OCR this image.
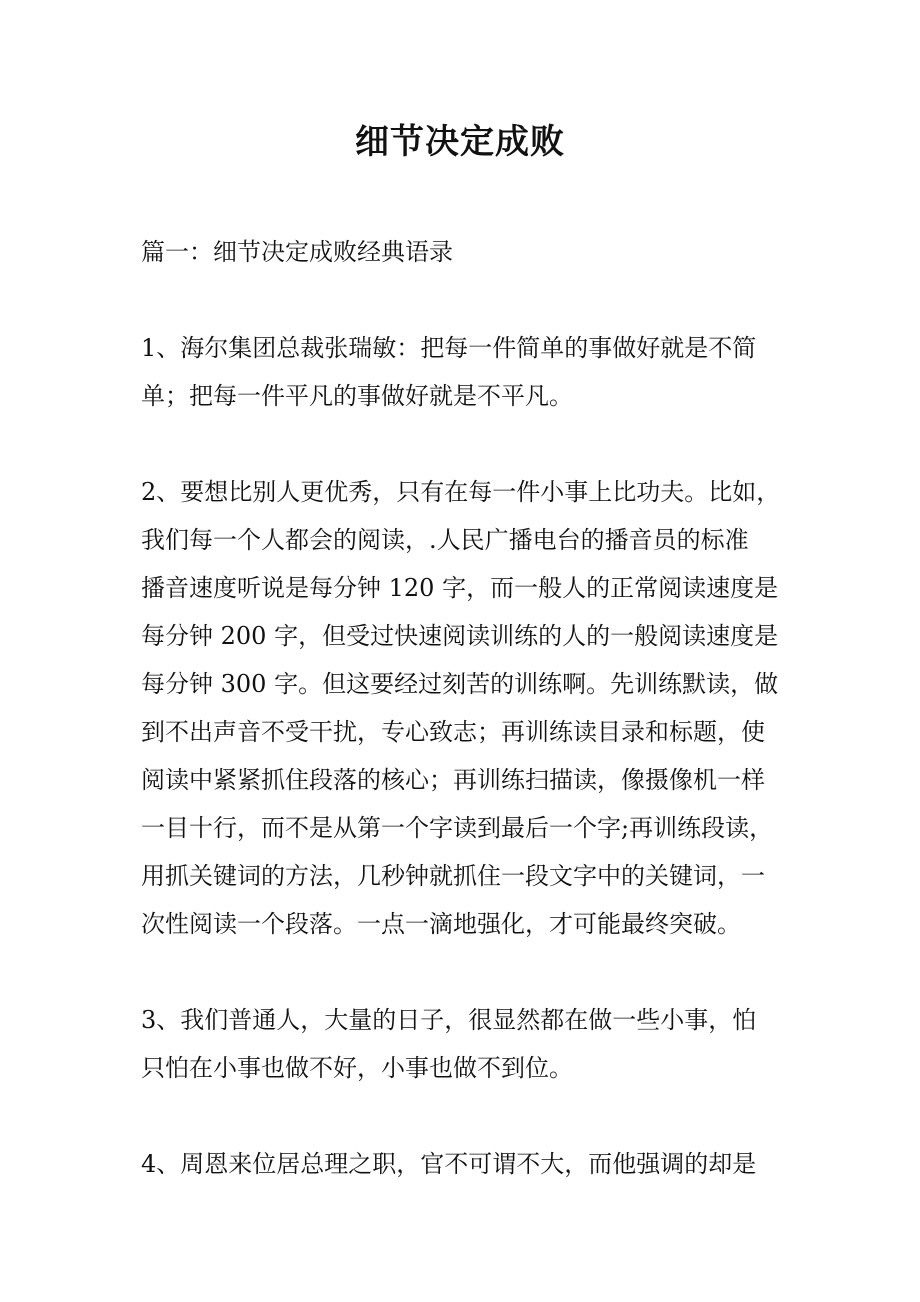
细节决定成败

篇一：细节决定成败经典语录

1、海尔集团总裁张瑞敏：把每一件简单的事做好就是不简

单；把每一件平凡的事做好就是不平凡。

2、要想比别人更优秀，只有在每一件小事上比功夫。比如，

我们每一个人都会的阅读，.人民广播电台的播音员的标准

播音速度听说是每分钟 120 字，而一般人的正常阅读速度是

每分钟 200 字，但受过快速阅读训练的人的一般阅读速度是

每分钟 300 字。但这要经过刻苦的训练啊。先训练默读，做

到不出声音不受干扰，专心致志；再训练读目录和标题，使

阅读中紧紧抓住段落的核心；再训练扫描读，像摄像机一样

一目十行，而不是从第一个字读到最后一个字;再训练段读，

用抓关键词的方法，几秒钟就抓住一段文字中的关键词，一

次性阅读一个段落。一点一滴地强化，才可能最终突破。

3、我们普通人，大量的日子，很显然都在做一些小事，怕

只怕在小事也做不好，小事也做不到位。

4、周恩来位居总理之职，官不可谓不大，而他强调的却是
